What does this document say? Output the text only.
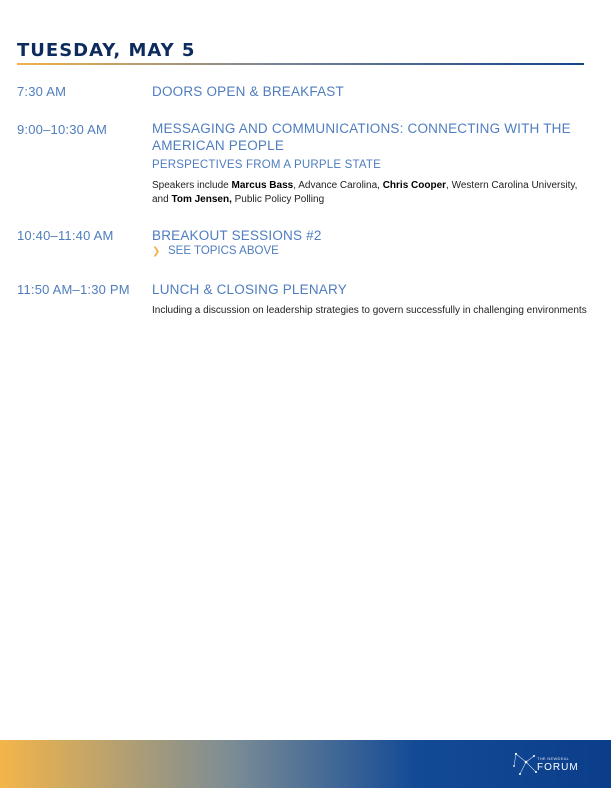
TUESDAY, MAY 5
7:30 AM	DOORS OPEN & BREAKFAST
9:00–10:30 AM	MESSAGING AND COMMUNICATIONS: CONNECTING WITH THE AMERICAN PEOPLE
PERSPECTIVES FROM A PURPLE STATE
Speakers include Marcus Bass, Advance Carolina, Chris Cooper, Western Carolina University, and Tom Jensen, Public Policy Polling
10:40–11:40 AM	BREAKOUT SESSIONS #2
❯ SEE TOPICS ABOVE
11:50 AM–1:30 PM LUNCH & CLOSING PLENARY
Including a discussion on leadership strategies to govern successfully in challenging environments
THE NEWDEAL
FORUM
